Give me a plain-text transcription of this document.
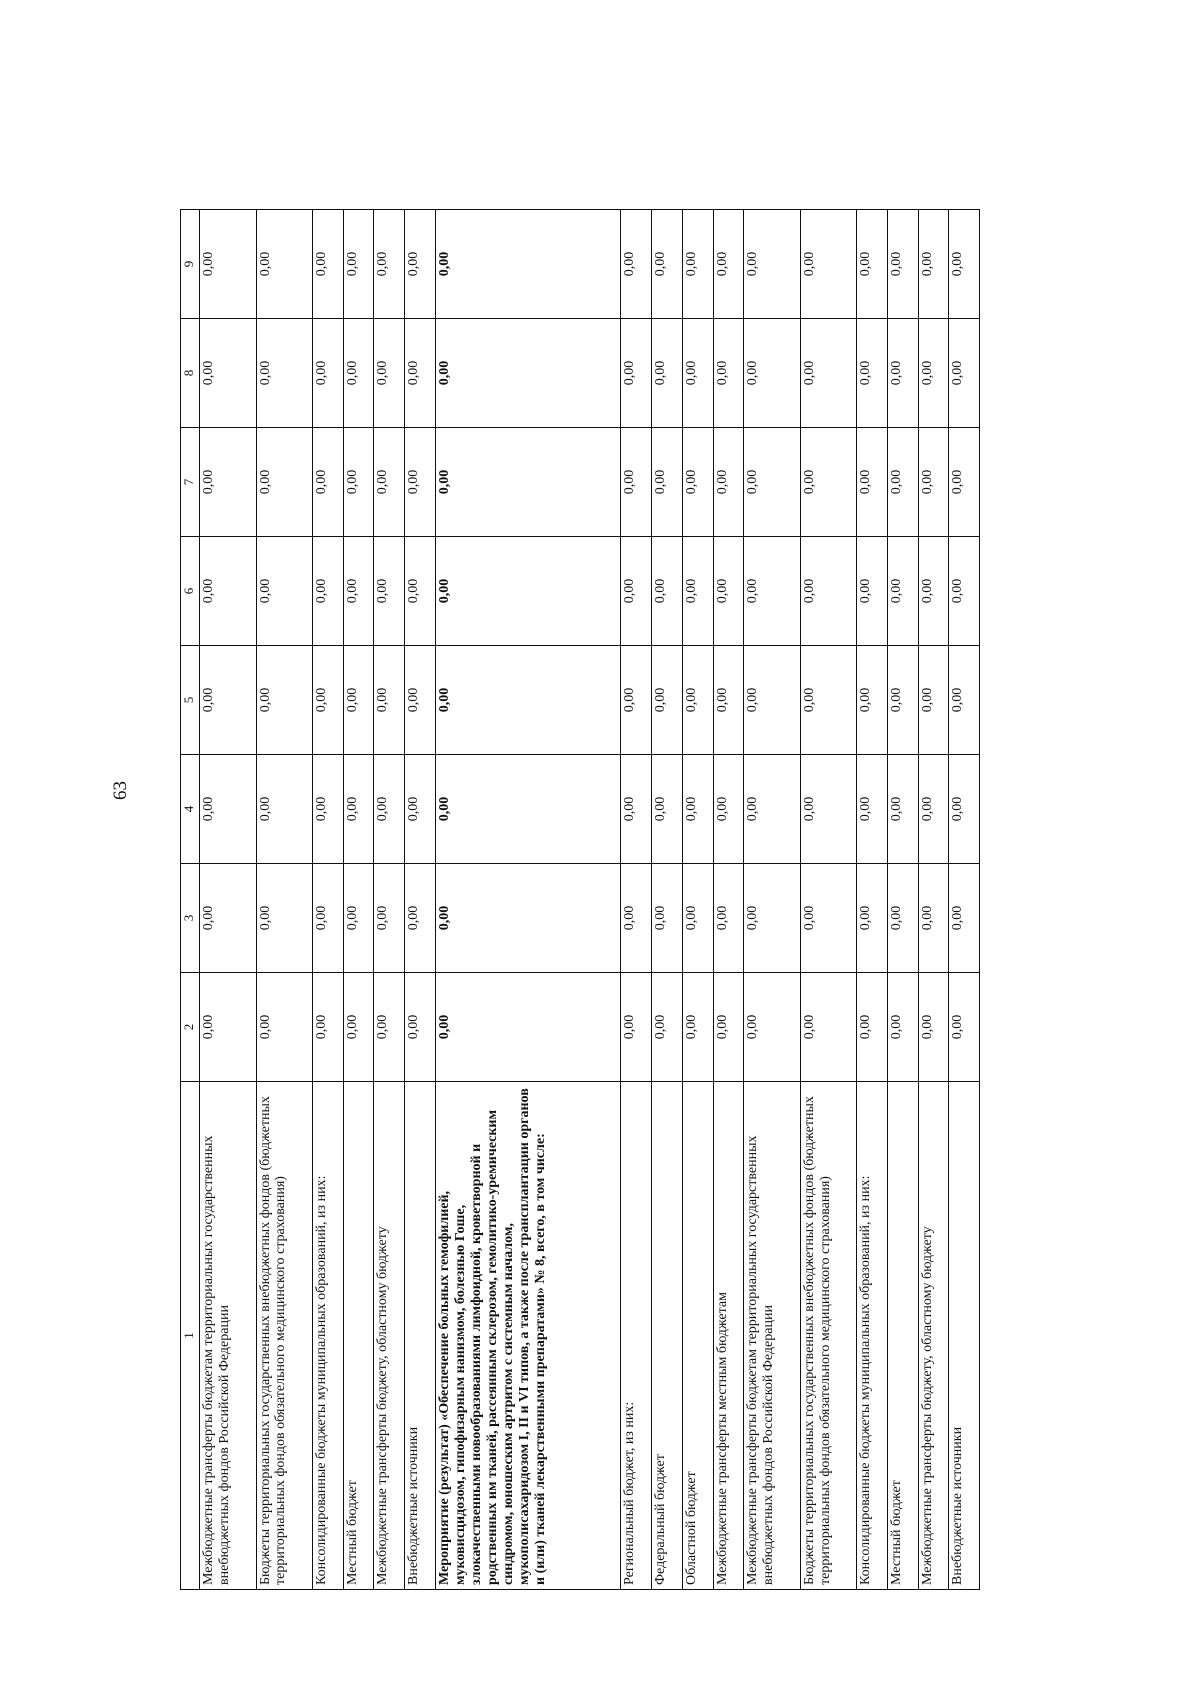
63
1	2	3	4	5	6	7	8	9
Межбюджетные трансферты бюджетам территориальных государственных внебюджетных фондов Российской Федерации	0,00	0,00	0,00	0,00	0,00	0,00	0,00	0,00
Бюджеты территориальных государственных внебюджетных фондов (бюджетных территориальных фондов обязательного медицинского страхования)	0,00	0,00	0,00	0,00	0,00	0,00	0,00	0,00
Консолидированные бюджеты муниципальных образований, из них:	0,00	0,00	0,00	0,00	0,00	0,00	0,00	0,00
Местный бюджет	0,00	0,00	0,00	0,00	0,00	0,00	0,00	0,00
Межбюджетные трансферты бюджету, областному бюджету	0,00	0,00	0,00	0,00	0,00	0,00	0,00	0,00
Внебюджетные источники	0,00	0,00	0,00	0,00	0,00	0,00	0,00	0,00
Мероприятие (результат) «Обеспечение больных гемофилией, муковисцидозом, гипофизарным нанизмом, болезнью Гоше, злокачественными новообразованиями лимфоидной, кроветворной и родственных им тканей, рассеянным склерозом, гемолитико-уремическим синдромом, юношеским артритом с системным началом, мукополисахаридозом I, II и VI типов, а также после трансплантации органов и (или) тканей лекарственными препаратами» № 8, всего, в том числе:	0,00	0,00	0,00	0,00	0,00	0,00	0,00	0,00
Региональный бюджет, из них:	0,00	0,00	0,00	0,00	0,00	0,00	0,00	0,00
Федеральный бюджет	0,00	0,00	0,00	0,00	0,00	0,00	0,00	0,00
Областной бюджет	0,00	0,00	0,00	0,00	0,00	0,00	0,00	0,00
Межбюджетные трансферты местным бюджетам	0,00	0,00	0,00	0,00	0,00	0,00	0,00	0,00
Межбюджетные трансферты бюджетам территориальных государственных внебюджетных фондов Российской Федерации	0,00	0,00	0,00	0,00	0,00	0,00	0,00	0,00
Бюджеты территориальных государственных внебюджетных фондов (бюджетных территориальных фондов обязательного медицинского страхования)	0,00	0,00	0,00	0,00	0,00	0,00	0,00	0,00
Консолидированные бюджеты муниципальных образований, из них:	0,00	0,00	0,00	0,00	0,00	0,00	0,00	0,00
Местный бюджет	0,00	0,00	0,00	0,00	0,00	0,00	0,00	0,00
Межбюджетные трансферты бюджету, областному бюджету	0,00	0,00	0,00	0,00	0,00	0,00	0,00	0,00
Внебюджетные источники	0,00	0,00	0,00	0,00	0,00	0,00	0,00	0,00
